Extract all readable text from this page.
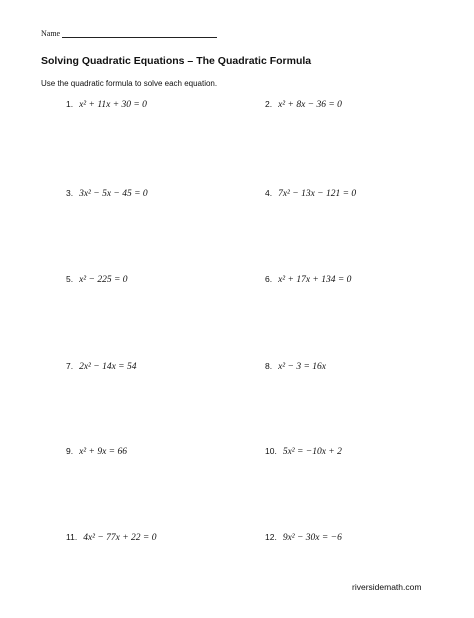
Name
Solving Quadratic Equations – The Quadratic Formula
Use the quadratic formula to solve each equation.
1. x² + 11x + 30 = 0	2. x² + 8x − 36 = 0
3. 3x² − 5x − 45 = 0	4. 7x² − 13x − 121 = 0
5. x² − 225 = 0	6. x² + 17x + 134 = 0
7. 2x² − 14x = 54	8. x² − 3 = 16x
9. x² + 9x = 66	10. 5x² = −10x + 2
11. 4x² − 77x + 22 = 0	12. 9x² − 30x = −6
riversidemath.com
